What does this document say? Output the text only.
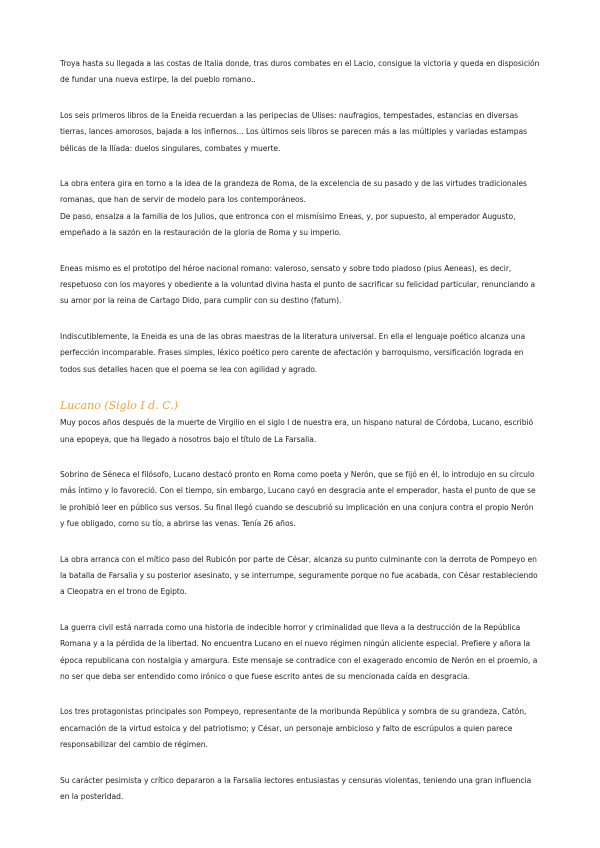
Troya hasta su llegada a las costas de Italia donde, tras duros combates en el Lacio, consigue la victoria y queda en disposición de fundar una nueva estirpe, la del pueblo romano..

Los seis primeros libros de la Eneida recuerdan a las peripecias de Ulises: naufragios, tempestades, estancias en diversas tierras, lances amorosos, bajada a los infiernos... Los últimos seis libros se parecen más a las múltiples y variadas estampas bélicas de la Ilíada: duelos singulares, combates y muerte.

La obra entera gira en torno a la idea de la grandeza de Roma, de la excelencia de su pasado y de las virtudes tradicionales romanas, que han de servir de modelo para los contemporáneos.
De paso, ensalza a la familia de los Julios, que entronca con el mismísimo Eneas, y, por supuesto, al emperador Augusto, empeñado a la sazón en la restauración de la gloria de Roma y su imperio.

Eneas mismo es el prototipo del héroe nacional romano: valeroso, sensato y sobre todo piadoso (pius Aeneas), es decir, respetuoso con los mayores y obediente a la voluntad divina hasta el punto de sacrificar su felicidad particular, renunciando a su amor por la reina de Cartago Dido, para cumplir con su destino (fatum).

Indiscutiblemente, la Eneida es una de las obras maestras de la literatura universal. En ella el lenguaje poético alcanza una perfección incomparable. Frases simples, léxico poético pero carente de afectación y barroquismo, versificación lograda en todos sus detalles hacen que el poema se lea con agilidad y agrado.

Lucano (Siglo I d. C.)

Muy pocos años después de la muerte de Virgilio en el siglo I de nuestra era, un hispano natural de Córdoba, Lucano, escribió una epopeya, que ha llegado a nosotros bajo el título de La Farsalia.

Sobrino de Séneca el filósofo, Lucano destacó pronto en Roma como poeta y Nerón, que se fijó en él, lo introdujo en su círculo más íntimo y lo favoreció. Con el tiempo, sin embargo, Lucano cayó en desgracia ante el emperador, hasta el punto de que se le prohibió leer en público sus versos. Su final llegó cuando se descubrió su implicación en una conjura contra el propio Nerón y fue obligado, como su tío, a abrirse las venas. Tenía 26 años.

La obra arranca con el mítico paso del Rubicón por parte de César, alcanza su punto culminante con la derrota de Pompeyo en la batalla de Farsalia y su posterior asesinato, y se interrumpe, seguramente porque no fue acabada, con César restableciendo a Cleopatra en el trono de Egipto.

La guerra civil está narrada como una historia de indecible horror y criminalidad que lleva a la destrucción de la República Romana y a la pérdida de la libertad. No encuentra Lucano en el nuevo régimen ningún aliciente especial. Prefiere y añora la época republicana con nostalgia y amargura. Este mensaje se contradice con el exagerado encomio de Nerón en el proemio, a no ser que deba ser entendido como irónico o que fuese escrito antes de su mencionada caída en desgracia.

Los tres protagonistas principales son Pompeyo, representante de la moribunda República y sombra de su grandeza, Catón, encarnación de la virtud estoica y del patriotismo; y César, un personaje ambicioso y falto de escrúpulos a quien parece responsabilizar del cambio de régimen.

Su carácter pesimista y crítico depararon a la Farsalia lectores entusiastas y censuras violentas, teniendo una gran influencia en la posteridad.
